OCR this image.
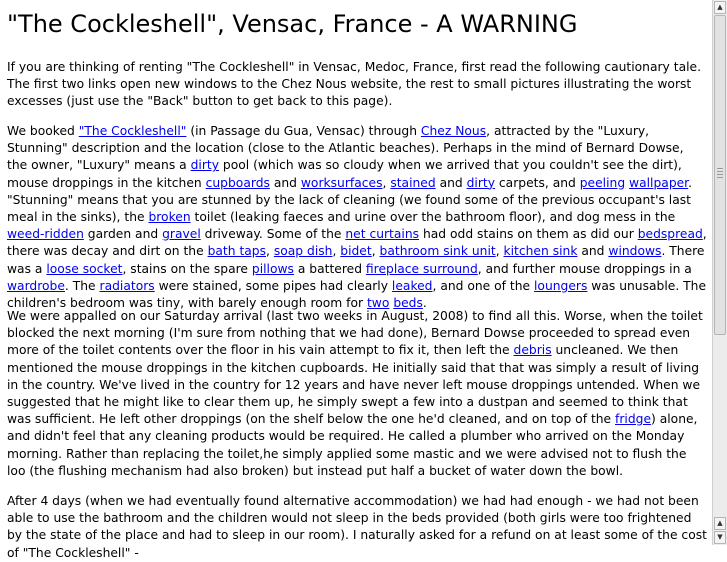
"The Cockleshell", Vensac, France - A WARNING

If you are thinking of renting "The Cockleshell" in Vensac, Medoc, France, first read the following cautionary tale. The first two links open new windows to the Chez Nous website, the rest to small pictures illustrating the worst excesses (just use the "Back" button to get back to this page).

We booked "The Cockleshell" (in Passage du Gua, Vensac) through Chez Nous, attracted by the "Luxury, Stunning" description and the location (close to the Atlantic beaches). Perhaps in the mind of Bernard Dowse, the owner, "Luxury" means a dirty pool (which was so cloudy when we arrived that you couldn't see the dirt), mouse droppings in the kitchen cupboards and worksurfaces, stained and dirty carpets, and peeling wallpaper. "Stunning" means that you are stunned by the lack of cleaning (we found some of the previous occupant's last meal in the sinks), the broken toilet (leaking faeces and urine over the bathroom floor), and dog mess in the weed-ridden garden and gravel driveway. Some of the net curtains had odd stains on them as did our bedspread, there was decay and dirt on the bath taps, soap dish, bidet, bathroom sink unit, kitchen sink and windows. There was a loose socket, stains on the spare pillows a battered fireplace surround, and further mouse droppings in a wardrobe. The radiators were stained, some pipes had clearly leaked, and one of the loungers was unusable. The children's bedroom was tiny, with barely enough room for two beds.

We were appalled on our Saturday arrival (last two weeks in August, 2008) to find all this. Worse, when the toilet blocked the next morning (I'm sure from nothing that we had done), Bernard Dowse proceeded to spread even more of the toilet contents over the floor in his vain attempt to fix it, then left the debris uncleaned. We then mentioned the mouse droppings in the kitchen cupboards. He initially said that that was simply a result of living in the country. We've lived in the country for 12 years and have never left mouse droppings untended. When we suggested that he might like to clear them up, he simply swept a few into a dustpan and seemed to think that was sufficient. He left other droppings (on the shelf below the one he'd cleaned, and on top of the fridge) alone, and didn't feel that any cleaning products would be required. He called a plumber who arrived on the Monday morning. Rather than replacing the toilet,he simply applied some mastic and we were advised not to flush the loo (the flushing mechanism had also broken) but instead put half a bucket of water down the bowl.

After 4 days (when we had eventually found alternative accommodation) we had had enough - we had not been able to use the bathroom and the children would not sleep in the beds provided (both girls were too frightened by the state of the place and had to sleep in our room). I naturally asked for a refund on at least some of the cost of "The Cockleshell" -

▲
▲
▼
